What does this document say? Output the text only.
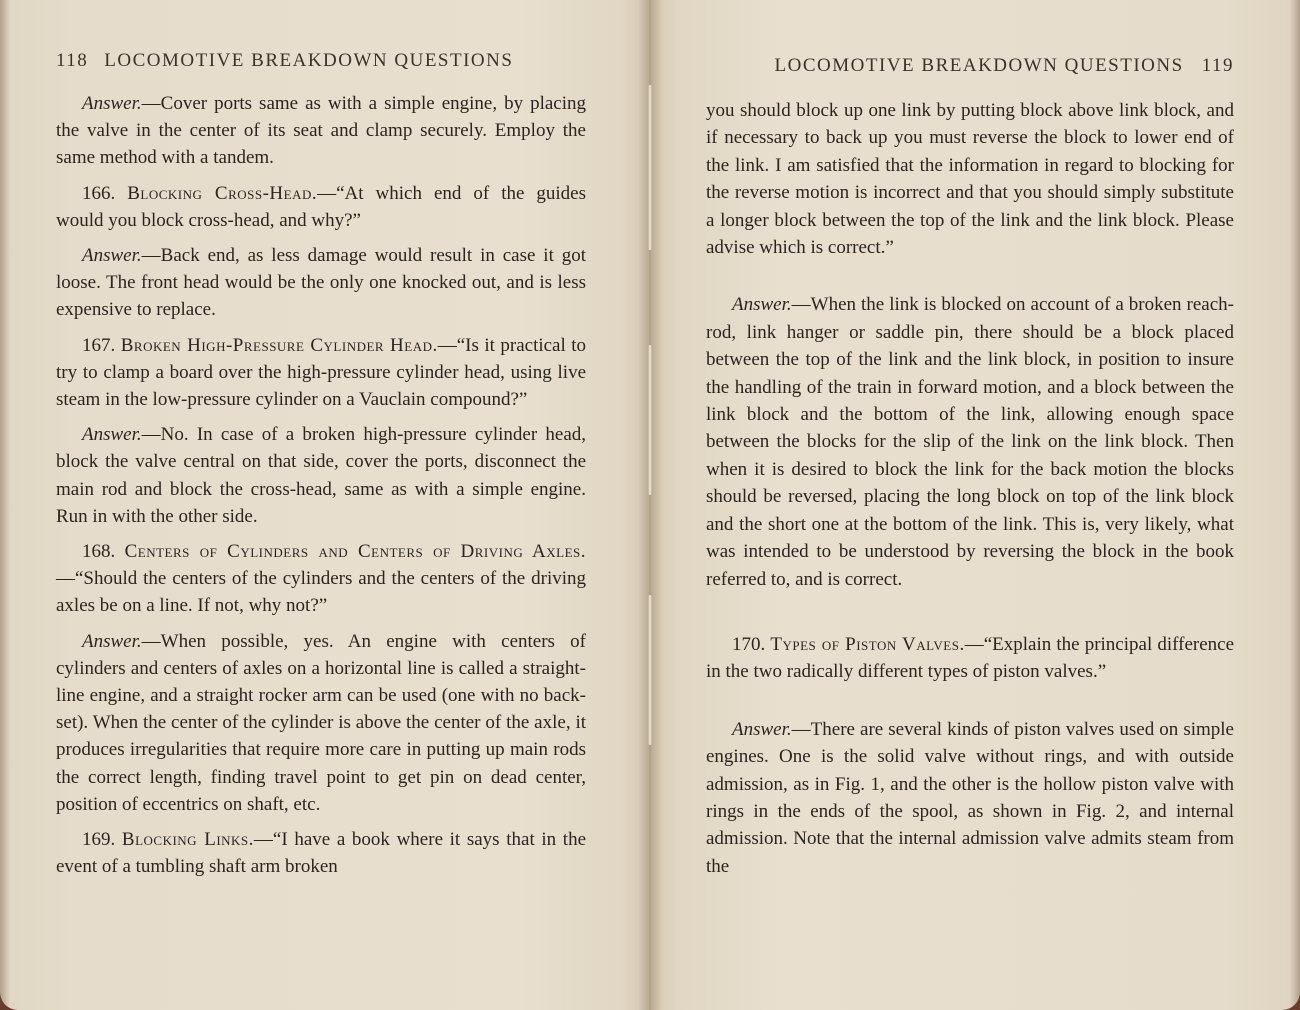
118 LOCOMOTIVE BREAKDOWN QUESTIONS

Answer.—Cover ports same as with a simple engine, by placing the valve in the center of its seat and clamp securely. Employ the same method with a tandem.

166. Blocking Cross-Head.—“At which end of the guides would you block cross-head, and why?”

Answer.—Back end, as less damage would result in case it got loose. The front head would be the only one knocked out, and is less expensive to replace.

167. Broken High-Pressure Cylinder Head.—“Is it practical to try to clamp a board over the high-pressure cylinder head, using live steam in the low-pressure cylinder on a Vauclain compound?”

Answer.—No. In case of a broken high-pressure cylinder head, block the valve central on that side, cover the ports, disconnect the main rod and block the cross-head, same as with a simple engine. Run in with the other side.

168. Centers of Cylinders and Centers of Driving Axles.—“Should the centers of the cylinders and the centers of the driving axles be on a line. If not, why not?”

Answer.—When possible, yes. An engine with centers of cylinders and centers of axles on a horizontal line is called a straight-line engine, and a straight rocker arm can be used (one with no back-set). When the center of the cylinder is above the center of the axle, it produces irregularities that require more care in putting up main rods the correct length, finding travel point to get pin on dead center, position of eccentrics on shaft, etc.

169. Blocking Links.—“I have a book where it says that in the event of a tumbling shaft arm broken

LOCOMOTIVE BREAKDOWN QUESTIONS 119

you should block up one link by putting block above link block, and if necessary to back up you must reverse the block to lower end of the link. I am satisfied that the information in regard to blocking for the reverse motion is incorrect and that you should simply substitute a longer block between the top of the link and the link block. Please advise which is correct.”

Answer.—When the link is blocked on account of a broken reach-rod, link hanger or saddle pin, there should be a block placed between the top of the link and the link block, in position to insure the handling of the train in forward motion, and a block between the link block and the bottom of the link, allowing enough space between the blocks for the slip of the link on the link block. Then when it is desired to block the link for the back motion the blocks should be reversed, placing the long block on top of the link block and the short one at the bottom of the link. This is, very likely, what was intended to be understood by reversing the block in the book referred to, and is correct.

170. Types of Piston Valves.—“Explain the principal difference in the two radically different types of piston valves.”

Answer.—There are several kinds of piston valves used on simple engines. One is the solid valve without rings, and with outside admission, as in Fig. 1, and the other is the hollow piston valve with rings in the ends of the spool, as shown in Fig. 2, and internal admission. Note that the internal admission valve admits steam from the
